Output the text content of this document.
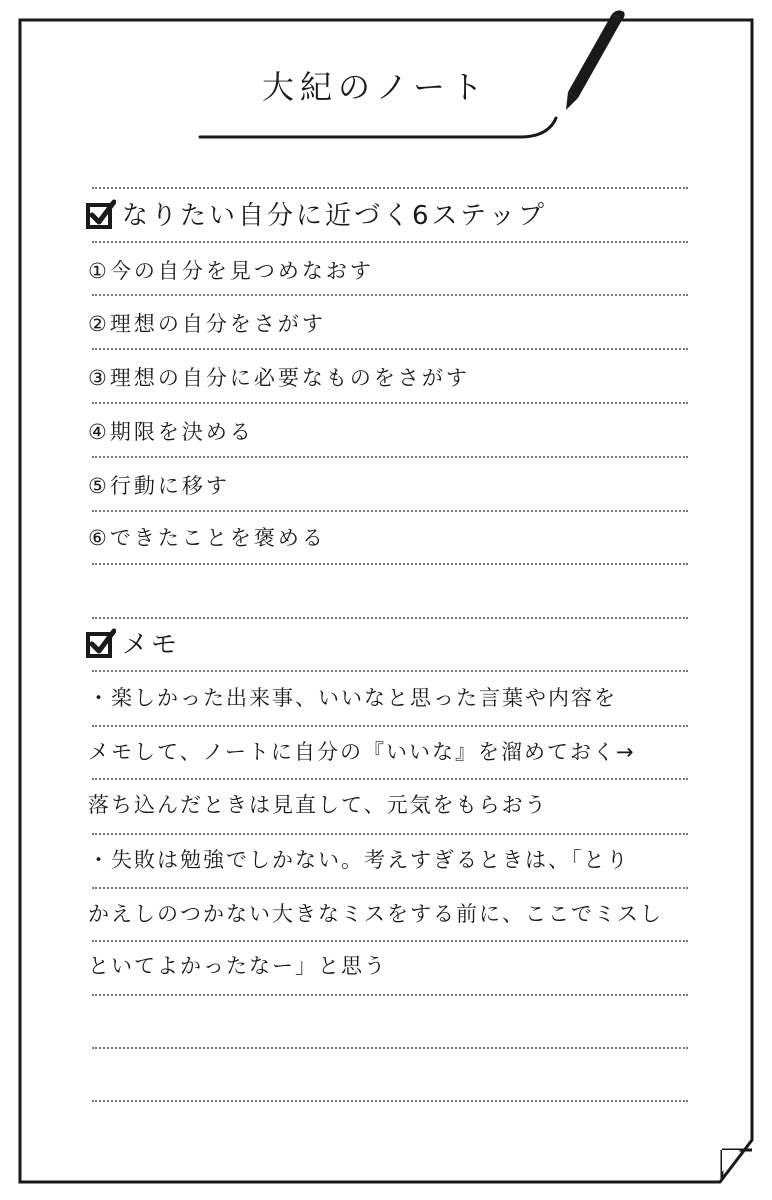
大紀のノート
なりたい自分に近づく6ステップ
①今の自分を見つめなおす
②理想の自分をさがす
③理想の自分に必要なものをさがす
④期限を決める
⑤行動に移す
⑥できたことを褒める
メモ
・楽しかった出来事、いいなと思った言葉や内容を
メモして、ノートに自分の『いいな』を溜めておく→
落ち込んだときは見直して、元気をもらおう
・失敗は勉強でしかない。考えすぎるときは、「とり
かえしのつかない大きなミスをする前に、ここでミスし
といてよかったなー」と思う
